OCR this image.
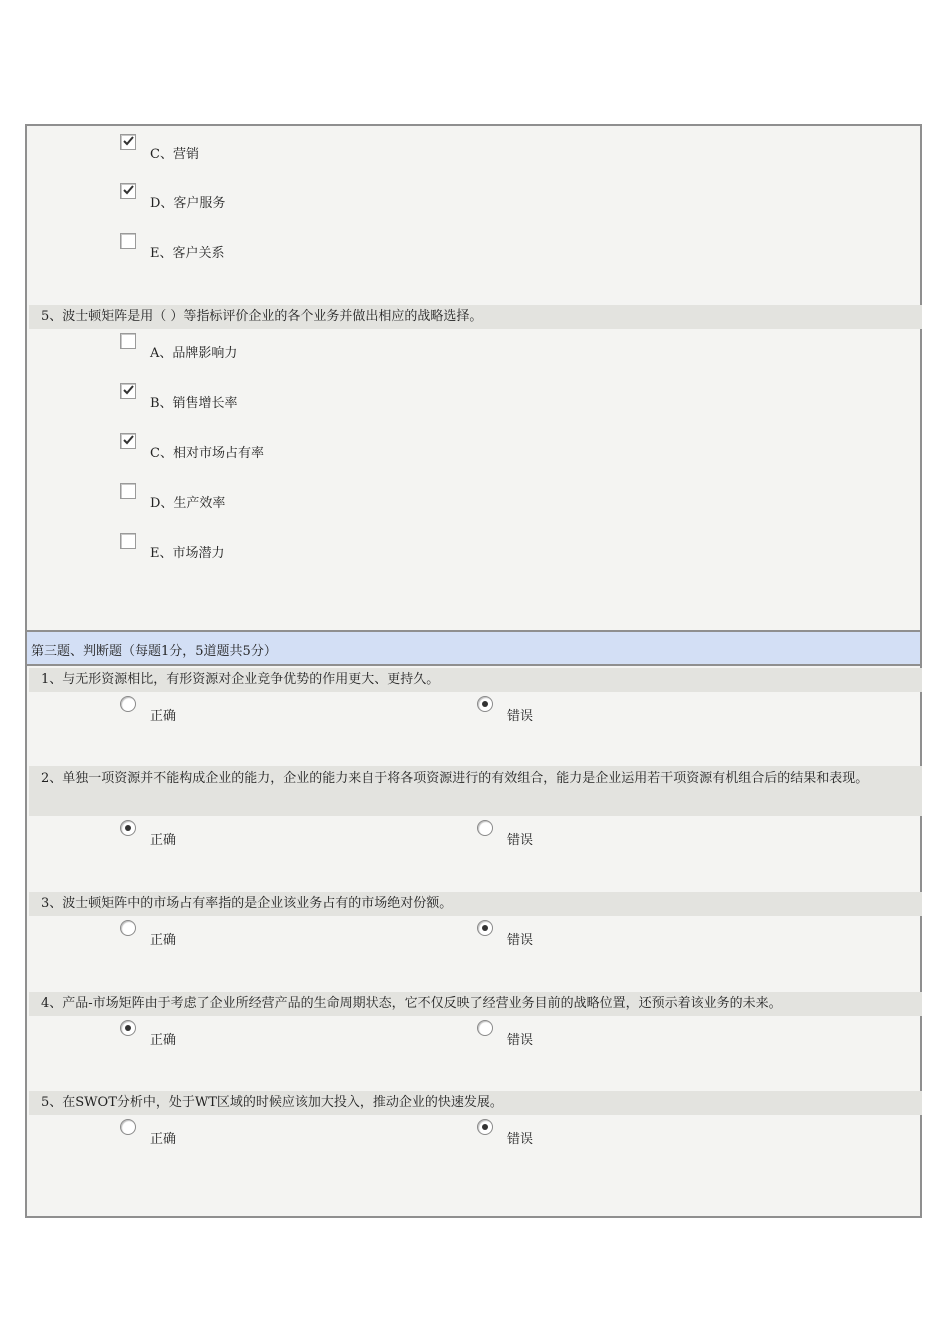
C、营销
D、客户服务
E、客户关系
5、波士顿矩阵是用（ ）等指标评价企业的各个业务并做出相应的战略选择。
A、品牌影响力
B、销售增长率
C、相对市场占有率
D、生产效率
E、市场潜力
第三题、判断题（每题1分，5道题共5分）
1、与无形资源相比，有形资源对企业竞争优势的作用更大、更持久。
正确	错误
2、单独一项资源并不能构成企业的能力，企业的能力来自于将各项资源进行的有效组合，能力是企业运用若干项资源有机组合后的结果和表现。
正确	错误
3、波士顿矩阵中的市场占有率指的是企业该业务占有的市场绝对份额。
正确	错误
4、产品-市场矩阵由于考虑了企业所经营产品的生命周期状态，它不仅反映了经营业务目前的战略位置，还预示着该业务的未来。
正确	错误
5、在SWOT分析中，处于WT区域的时候应该加大投入，推动企业的快速发展。
正确	错误
